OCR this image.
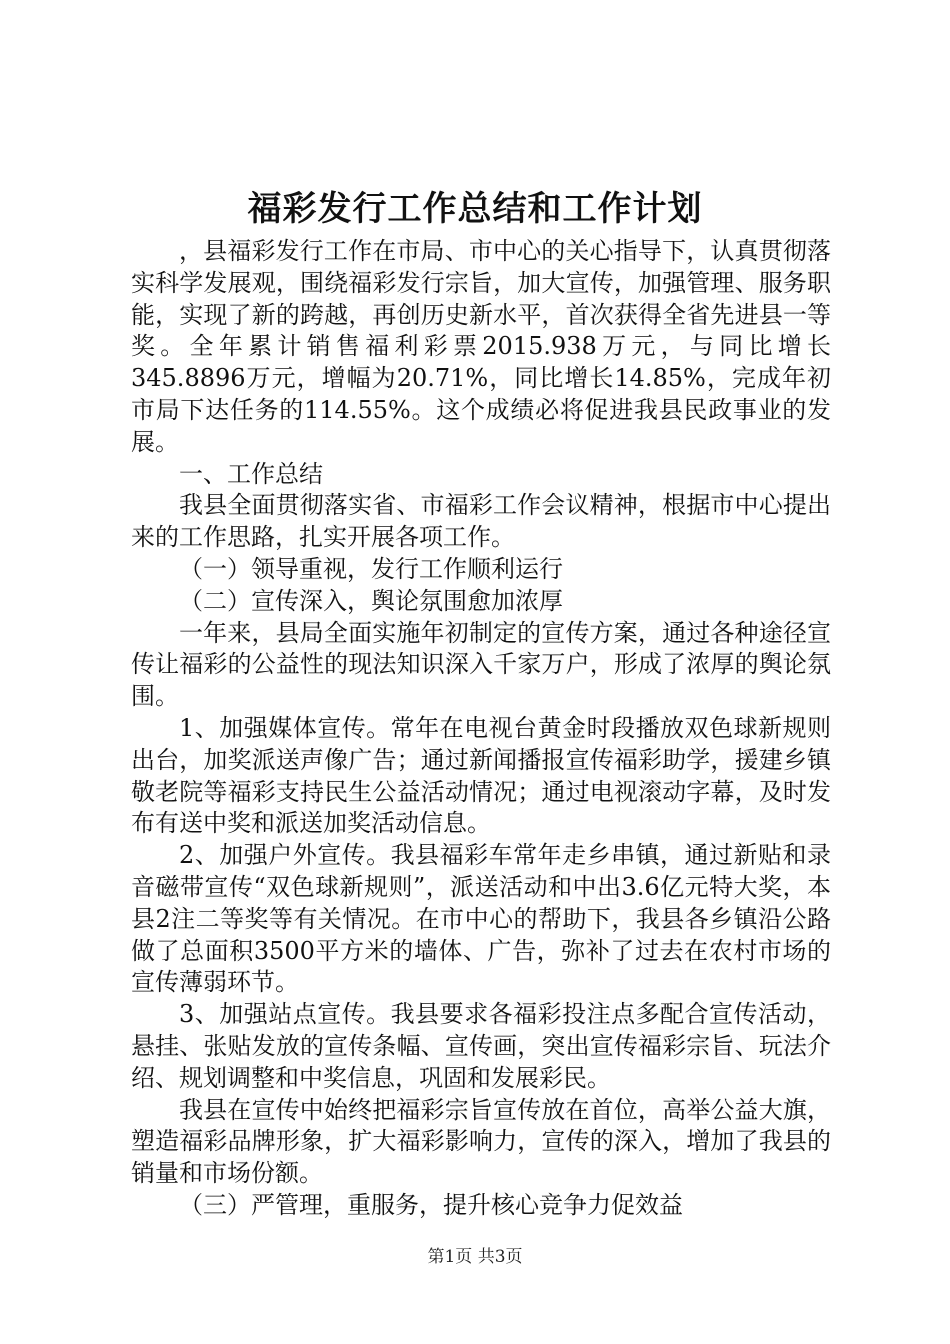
福彩发行工作总结和工作计划

，县福彩发行工作在市局、市中心的关心指导下，认真贯彻落实科学发展观，围绕福彩发行宗旨，加大宣传，加强管理、服务职能，实现了新的跨越，再创历史新水平，首次获得全省先进县一等奖。全年累计销售福利彩票2015.938万元，与同比增长345.8896万元，增幅为20.71%，同比增长14.85%，完成年初市局下达任务的114.55%。这个成绩必将促进我县民政事业的发展。

一、工作总结

我县全面贯彻落实省、市福彩工作会议精神，根据市中心提出来的工作思路，扎实开展各项工作。

（一）领导重视，发行工作顺利运行

（二）宣传深入，舆论氛围愈加浓厚

一年来，县局全面实施年初制定的宣传方案，通过各种途径宣传让福彩的公益性的现法知识深入千家万户，形成了浓厚的舆论氛围。

1、加强媒体宣传。常年在电视台黄金时段播放双色球新规则出台，加奖派送声像广告；通过新闻播报宣传福彩助学，援建乡镇敬老院等福彩支持民生公益活动情况；通过电视滚动字幕，及时发布有送中奖和派送加奖活动信息。

2、加强户外宣传。我县福彩车常年走乡串镇，通过新贴和录音磁带宣传“双色球新规则”，派送活动和中出3.6亿元特大奖，本县2注二等奖等有关情况。在市中心的帮助下，我县各乡镇沿公路做了总面积3500平方米的墙体、广告，弥补了过去在农村市场的宣传薄弱环节。

3、加强站点宣传。我县要求各福彩投注点多配合宣传活动，悬挂、张贴发放的宣传条幅、宣传画，突出宣传福彩宗旨、玩法介绍、规划调整和中奖信息，巩固和发展彩民。

我县在宣传中始终把福彩宗旨宣传放在首位，高举公益大旗，塑造福彩品牌形象，扩大福彩影响力，宣传的深入，增加了我县的销量和市场份额。

（三）严管理，重服务，提升核心竞争力促效益

第1页 共3页
